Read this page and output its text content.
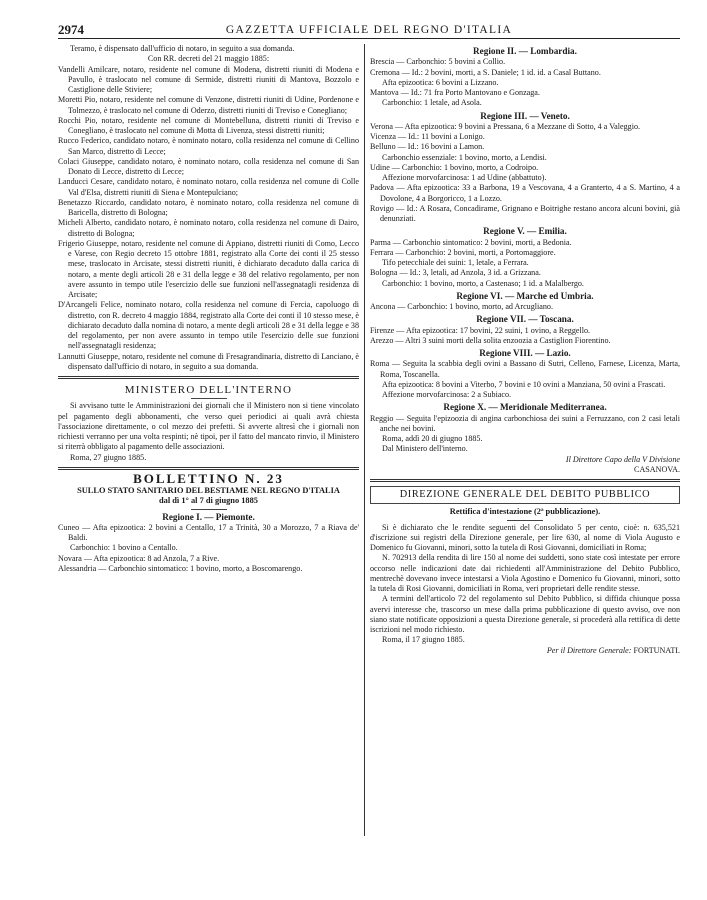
2974	GAZZETTA UFFICIALE DEL REGNO D'ITALIA

Teramo, è dispensato dall'ufficio di notaro, in seguito a sua domanda.

Con RR. decreti del 21 maggio 1885:

Vandelli Amilcare, notaro, residente nel comune di Modena, distretti riuniti di Modena e Pavullo, è traslocato nel comune di Sermide, distretti riuniti di Mantova, Bozzolo e Castiglione delle Stiviere;

Moretti Pio, notaro, residente nel comune di Venzone, distretti riuniti di Udine, Pordenone e Tolmezzo, è traslocato nel comune di Oderzo, distretti riuniti di Treviso e Conegliano;

Rocchi Pio, notaro, residente nel comune di Montebelluna, distretti riuniti di Treviso e Conegliano, è traslocato nel comune di Motta di Livenza, stessi distretti riuniti;

Rucco Federico, candidato notaro, è nominato notaro, colla residenza nel comune di Cellino San Marco, distretto di Lecce;

Colaci Giuseppe, candidato notaro, è nominato notaro, colla residenza nel comune di San Donato di Lecce, distretto di Lecce;

Landucci Cesare, candidato notaro, è nominato notaro, colla residenza nel comune di Colle Val d'Elsa, distretti riuniti di Siena e Montepulciano;

Benetazzo Riccardo, candidato notaro, è nominato notaro, colla residenza nel comune di Baricella, distretto di Bologna;

Micheli Alberto, candidato notaro, è nominato notaro, colla residenza nel comune di Dairo, distretto di Bologna;

Frigerio Giuseppe, notaro, residente nel comune di Appiano, distretti riuniti di Como, Lecco e Varese, con Regio decreto 15 ottobre 1881, registrato alla Corte dei conti il 25 stesso mese, traslocato in Arcisate, stessi distretti riuniti, è dichiarato decaduto dalla carica di notaro, a mente degli articoli 28 e 31 della legge e 38 del relativo regolamento, per non avere assunto in tempo utile l'esercizio delle sue funzioni nell'assegnatagli residenza di Arcisate;

D'Arcangeli Felice, nominato notaro, colla residenza nel comune di Fercia, capoluogo di distretto, con R. decreto 4 maggio 1884, registrato alla Corte dei conti il 10 stesso mese, è dichiarato decaduto dalla nomina di notaro, a mente degli articoli 28 e 31 della legge e 38 del regolamento, per non avere assunto in tempo utile l'esercizio delle sue funzioni nell'assegnatagli residenza;

Lannutti Giuseppe, notaro, residente nel comune di Fresagrandinaria, distretto di Lanciano, è dispensato dall'ufficio di notaro, in seguito a sua domanda.

MINISTERO DELL'INTERNO

Si avvisano tutte le Amministrazioni dei giornali che il Ministero non si tiene vincolato pel pagamento degli abbonamenti, che verso quei periodici ai quali avrà chiesta l'associazione direttamente, o col mezzo dei prefetti. Si avverte altresì che i giornali non richiesti verranno per una volta respinti; nè tipoi, per il fatto del mancato rinvio, il Ministero si riterrà obbligato al pagamento delle associazioni.

Roma, 27 giugno 1885.

BOLLETTINO N. 23
SULLO STATO SANITARIO DEL BESTIAME NEL REGNO D'ITALIA
dal dì 1° al 7 di giugno 1885
Regione I. — Piemonte.

Cuneo — Afta epizootica: 2 bovini a Centallo, 17 a Trinità, 30 a Morozzo, 7 a Riava de' Baldi.

Carbonchio: 1 bovino a Centallo.

Novara — Afta epizootica: 8 ad Anzola, 7 a Rive.

Alessandria — Carbonchio sintomatico: 1 bovino, morto, a Boscomarengo.

Regione II. — Lombardia.

Brescia — Carbonchio: 5 bovini a Collio.

Cremona — Id.: 2 bovini, morti, a S. Daniele; 1 id. id. a Casal Buttano.

Afta epizootica: 6 bovini a Lizzano.

Mantova — Id.: 71 fra Porto Mantovano e Gonzaga.

Carbonchio: 1 letale, ad Asola.

Regione III. — Veneto.

Verona — Afta epizootica: 9 bovini a Pressana, 6 a Mezzane di Sotto, 4 a Valeggio.

Vicenza — Id.: 11 bovini a Lonigo.

Belluno — Id.: 16 bovini a Lamon.

Carbonchio essenziale: 1 bovino, morto, a Lendisi.

Udine — Carbonchio: 1 bovino, morto, a Codroipo.

Affezione morvofarcinosa: 1 ad Udine (abbattuto).

Padova — Afta epizootica: 33 a Barbona, 19 a Vescovana, 4 a Granterto, 4 a S. Martino, 4 a Dovolone, 4 a Borgoricco, 1 a Lozzo.

Rovigo — Id.: A Rosara, Concadirame, Grignano e Boitrighe restano ancora alcuni bovini, già denunziati.

Regione V. — Emilia.

Parma — Carbonchio sintomatico: 2 bovini, morti, a Bedonia.

Ferrara — Carbonchio: 2 bovini, morti, a Portomaggiore.

Tifo petecchiale dei suini: 1, letale, a Ferrara.

Bologna — Id.: 3, letali, ad Anzola, 3 id. a Grizzana.

Carbonchio: 1 bovino, morto, a Castenaso; 1 id. a Malalbergo.

Regione VI. — Marche ed Umbria.

Ancona — Carbonchio: 1 bovino, morto, ad Arcugliano.

Regione VII. — Toscana.

Firenze — Afta epizootica: 17 bovini, 22 suini, 1 ovino, a Reggello.

Arezzo — Altri 3 suini morti della solita enzoozia a Castiglion Fiorentino.

Regione VIII. — Lazio.

Roma — Seguita la scabbia degli ovini a Bassano di Sutri, Celleno, Farnese, Licenza, Marta, Roma, Toscanella.

Afta epizootica: 8 bovini a Viterbo, 7 bovini e 10 ovini a Manziana, 50 ovini a Frascati.

Affezione morvofarcinosa: 2 a Subiaco.

Regione X. — Meridionale Mediterranea.

Reggio — Seguita l'epizoozia di angina carbonchiosa dei suini a Ferruzzano, con 2 casi letali anche nei bovini.

Roma, addì 20 di giugno 1885.

Dal Ministero dell'interno.

Il Direttore Capo della V Divisione

CASANOVA.

DIREZIONE GENERALE DEL DEBITO PUBBLICO
Rettifica d'intestazione (2ª pubblicazione).

Si è dichiarato che le rendite seguenti del Consolidato 5 per cento, cioè: n. 635,521 d'iscrizione sui registri della Direzione generale, per lire 630, al nome di Viola Augusto e Domenico fu Giovanni, minori, sotto la tutela di Rosi Giovanni, domiciliati in Roma;

N. 702913 della rendita di lire 150 al nome dei suddetti, sono state così intestate per errore occorso nelle indicazioni date dai richiedenti all'Amministrazione del Debito Pubblico, mentrechè dovevano invece intestarsi a Viola Agostino e Domenico fu Giovanni, minori, sotto la tutela di Rosi Giovanni, domiciliati in Roma, veri proprietari delle rendite stesse.

A termini dell'articolo 72 del regolamento sul Debito Pubblico, si diffida chiunque possa avervi interesse che, trascorso un mese dalla prima pubblicazione di questo avviso, ove non siano state notificate opposizioni a questa Direzione generale, si procederà alla rettifica di dette iscrizioni nel modo richiesto.

Roma, il 17 giugno 1885.

Per il Direttore Generale: FORTUNATI.
